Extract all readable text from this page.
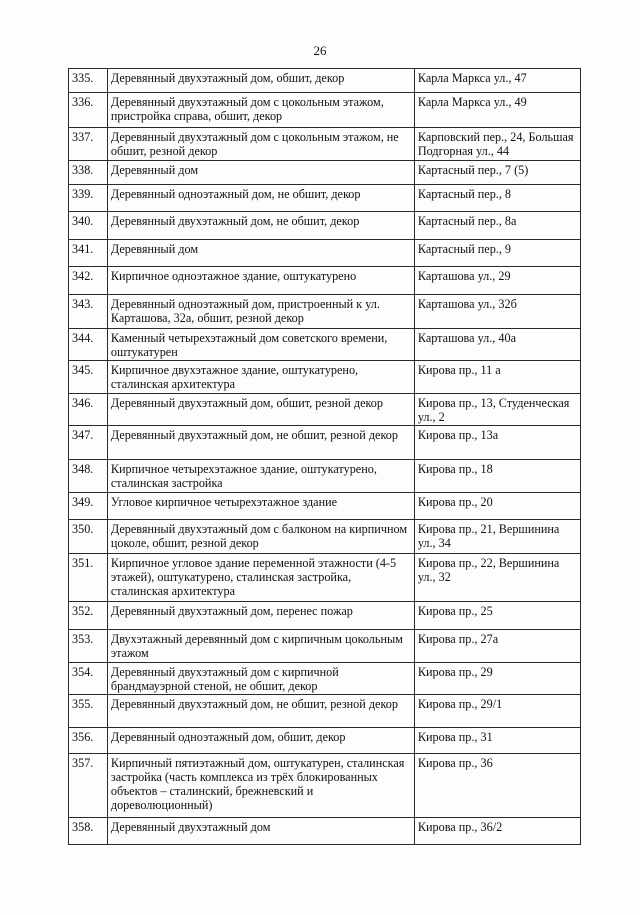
26
335.	Деревянный двухэтажный дом, обшит, декор	Карла Маркса ул., 47
336.	Деревянный двухэтажный дом с цокольным этажом, пристройка справа, обшит, декор	Карла Маркса ул., 49
337.	Деревянный двухэтажный дом с цокольным этажом, не обшит, резной декор	Карповский пер., 24, Большая Подгорная ул., 44
338.	Деревянный дом	Картасный пер., 7 (5)
339.	Деревянный одноэтажный дом, не обшит, декор	Картасный пер., 8
340.	Деревянный двухэтажный дом, не обшит, декор	Картасный пер., 8а
341.	Деревянный дом	Картасный пер., 9
342.	Кирпичное одноэтажное здание, оштукатурено	Карташова ул., 29
343.	Деревянный одноэтажный дом, пристроенный к ул. Карташова, 32а, обшит, резной декор	Карташова ул., 32б
344.	Каменный четырехэтажный дом советского времени, оштукатурен	Карташова ул., 40а
345.	Кирпичное двухэтажное здание, оштукатурено, сталинская архитектура	Кирова пр., 11 а
346.	Деревянный двухэтажный дом, обшит, резной декор	Кирова пр., 13, Студенческая ул., 2
347.	Деревянный двухэтажный дом, не обшит, резной декор	Кирова пр., 13а
348.	Кирпичное четырехэтажное здание, оштукатурено, сталинская застройка	Кирова пр., 18
349.	Угловое кирпичное четырехэтажное здание	Кирова пр., 20
350.	Деревянный двухэтажный дом с балконом на кирпичном цоколе, обшит, резной декор	Кирова пр., 21, Вершинина ул., 34
351.	Кирпичное угловое здание переменной этажности (4-5 этажей), оштукатурено, сталинская застройка, сталинская архитектура	Кирова пр., 22, Вершинина ул., 32
352.	Деревянный двухэтажный дом, перенес пожар	Кирова пр., 25
353.	Двухэтажный деревянный дом с кирпичным цокольным этажом	Кирова пр., 27а
354.	Деревянный двухэтажный дом с кирпичной брандмауэрной стеной, не обшит, декор	Кирова пр., 29
355.	Деревянный двухэтажный дом, не обшит, резной декор	Кирова пр., 29/1
356.	Деревянный одноэтажный дом, обшит, декор	Кирова пр., 31
357.	Кирпичный пятиэтажный дом, оштукатурен, сталинская застройка (часть комплекса из трёх блокированных объектов – сталинский, брежневский и дореволюционный)	Кирова пр., 36
358.	Деревянный двухэтажный дом	Кирова пр., 36/2
